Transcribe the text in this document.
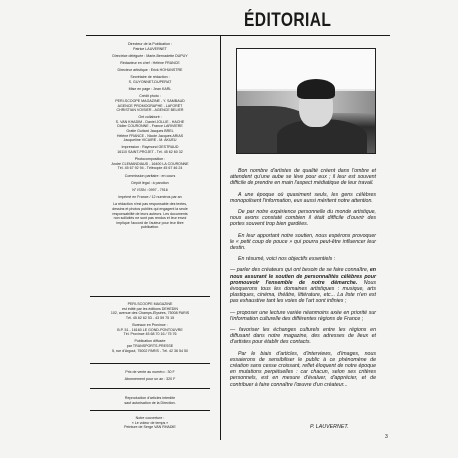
ÉDITORIAL
Directeur de la Publication :
Patrice LAUVERNET
Directrice déléguée : Marie-Bernadette DUPUY
Rédacteur en chef : Hélène FRANCE
Directeur artistique : Erick HOHUNSTRE
Secrétaire de rédaction :
S. GUYONNET-DUPERAT
Mise en page : Jean KARL
Crédit photo :
PERI-SCOOPE MAGAZINE - Y. SAMBAUD
AGENCE PROMOGRAPHE - LAFORÊT
CHRISTIAN VOISIER - AGENCE BELIER
Ont collaboré :
S. VAN KHADIM - Daniel JOLLIE - HACHE
Didier COURONNE - France LARIVIERE
Gratie Guitard Jacques BREL
Hélène FRANCE - Nicole Jacques ARIAS
Jacqueline VICAIRE - M. AKUEU
Impression : Raymond GESTRAUD
16110 SAINT-PROJET - Tél. 45 62 60 32
Photocomposition :
André CLEMANDIAUD - 16400 LA COURONNE
Tél. 45 67 92 94 - Télécopie 45 67 46 24
Commission paritaire : en cours
Dépôt légal : à parution
N° ISSN : 0997 - 7916
Imprimé en France / 12 numéros par an
La rédaction n'est pas responsable des textes,
dessins et photos publiés qui engagent la seule
responsabilité de leurs auteurs. Les documents
non sollicités ne sont pas rendus et leur envoi
implique l'accord de l'auteur pour leur libre
publication.
PERI-SCOOPE MAGAZINE
est édité par les éditions DEHEDIN
102, avenue des Champs-Élysées, 75008 PARIS
Tél. 45 62 62 53 - 43 59 75 15
Bureaux en Province :
B.P. 51 - 16160 LE GOND-PONTOUVRE
Tél. Province 45 68 70 16 / 75 76
Publication diffusée
par TRANSPORTS-PRESSE
5, rue d'Argout, 75002 PARIS - Tél. 42 36 54 50
Prix de vente au numéro : 30 F
Abonnement pour un an : 320 F
Reproduction d'articles interdite
sauf autorisation de la Direction.
Notre couverture :
« Le voleur de temps »
Peinture de Serge VAN RHADIE

Bon nombre d'artistes de qualité créent dans l'ombre et attendent qu'une aube se lève pour eux ; il leur est souvent difficile de prendre en main l'aspect médiatique de leur travail.

A une époque où quasiment seuls, les gens célèbres monopolisent l'information, eux aussi méritent notre attention.

De par notre expérience personnelle du monde artistique, nous avons constaté combien il était difficile d'ouvrir des portes souvent trop bien gardées.

En leur apportant notre soutien, nous espérons provoquer le « petit coup de pouce » qui pourra peut-être influencer leur destin.

En résumé, voici nos objectifs essentiels :

— parler des créateurs qui ont besoin de se faire connaître, en nous assurant le soutien de personnalités célèbres pour promouvoir l'ensemble de notre démarche. Nous évoquerons tous les domaines artistiques : musique, arts plastiques, cinéma, théâtre, littérature, etc... La liste n'en est pas exhaustive tant les voies de l'art sont infinies ;

— proposer une lecture variée néanmoins axée en priorité sur l'information culturelle des différentes régions de France ;

— favoriser les échanges culturels entre les régions en diffusant dans notre magazine, des adresses de lieux et d'artistes pour établir des contacts.

Par le biais d'articles, d'interviews, d'images, nous essaierons de sensibiliser le public à ce phénomène de création sans cesse croissant, reflet éloquent de notre époque en mutations perpétuelles : car chacun, selon ses critères personnels, est en mesure d'évaluer, d'apprécier, et de contribuer à faire connaître l'œuvre d'un créateur...

P. LAUVERNET.
3
